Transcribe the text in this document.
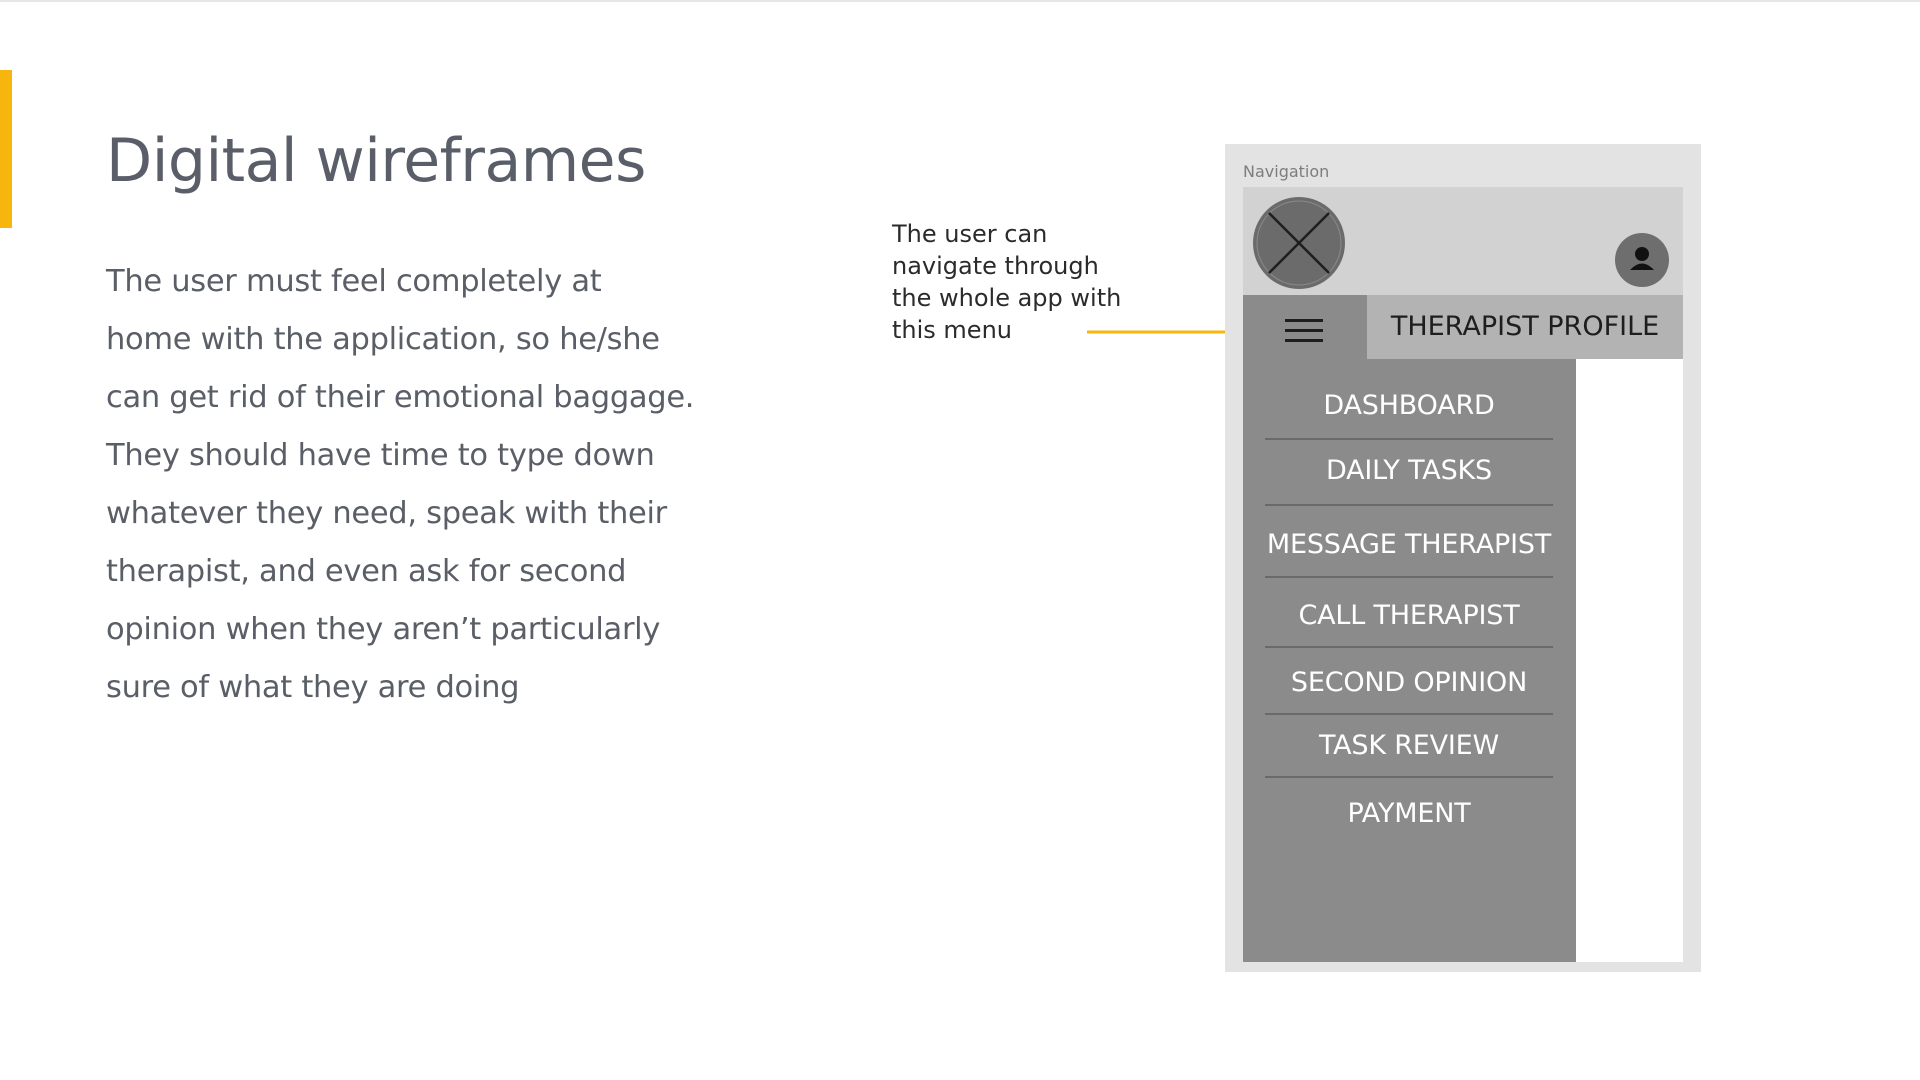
Digital wireframes

The user must feel completely at home with the application, so he/she can get rid of their emotional baggage. They should have time to type down whatever they need, speak with their therapist, and even ask for second opinion when they aren’t particularly sure of what they are doing

The user can navigate through the whole app with this menu
Navigation
DASHBOARD
DAILY TASKS
MESSAGE THERAPIST
CALL THERAPIST
SECOND OPINION
TASK REVIEW
PAYMENT
THERAPIST PROFILE
